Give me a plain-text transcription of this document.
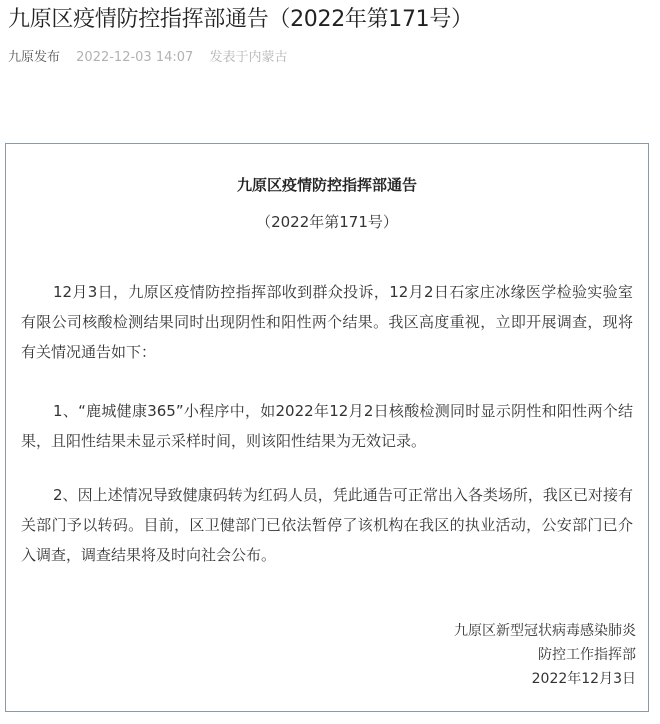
九原区疫情防控指挥部通告（2022年第171号）
九原发布 2022-12-03 14:07 发表于内蒙古
九原区疫情防控指挥部通告
（2022年第171号）
12月3日，九原区疫情防控指挥部收到群众投诉，12月2日石家庄冰缘医学检验实验室有限公司核酸检测结果同时出现阴性和阳性两个结果。我区高度重视，立即开展调查，现将有关情况通告如下：
1、“鹿城健康365”小程序中，如2022年12月2日核酸检测同时显示阴性和阳性两个结果，且阳性结果未显示采样时间，则该阳性结果为无效记录。
2、因上述情况导致健康码转为红码人员，凭此通告可正常出入各类场所，我区已对接有关部门予以转码。目前，区卫健部门已依法暂停了该机构在我区的执业活动，公安部门已介入调查，调查结果将及时向社会公布。
九原区新型冠状病毒感染肺炎
防控工作指挥部
2022年12月3日
